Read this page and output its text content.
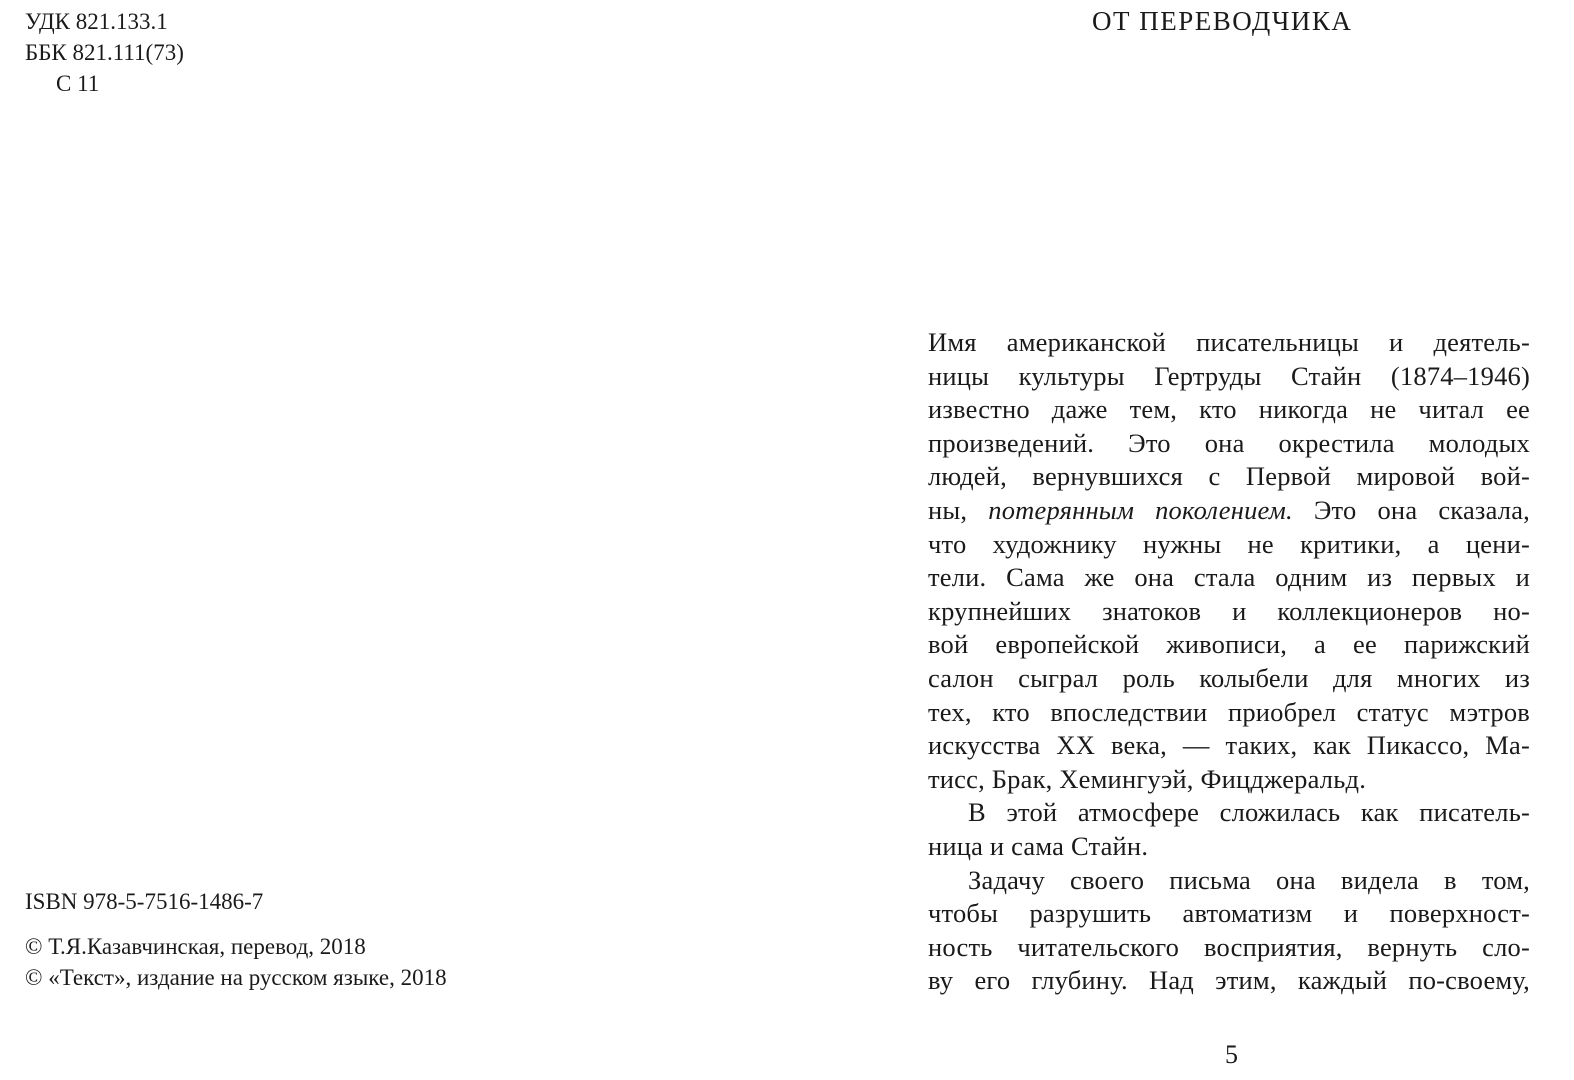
УДК 821.133.1
ББК 821.111(73)
С 11
ISBN 978-5-7516-1486-7
© Т.Я.Казавчинская, перевод, 2018
© «Текст», издание на русском языке, 2018
ОТ ПЕРЕВОДЧИКА
Имя американской писательницы и деятель-
ницы культуры Гертруды Стайн (1874–1946)
известно даже тем, кто никогда не читал ее
произведений. Это она окрестила молодых
людей, вернувшихся с Первой мировой вой-
ны, потерянным поколением. Это она сказала,
что художнику нужны не критики, а цени-
тели. Сама же она стала одним из первых и
крупнейших знатоков и коллекционеров но-
вой европейской живописи, а ее парижский
салон сыграл роль колыбели для многих из
тех, кто впоследствии приобрел статус мэтров
искусства XX века, — таких, как Пикассо, Ма-
тисс, Брак, Хемингуэй, Фицджеральд.
В этой атмосфере сложилась как писатель-
ница и сама Стайн.
Задачу своего письма она видела в том,
чтобы разрушить автоматизм и поверхност-
ность читательского восприятия, вернуть сло-
ву его глубину. Над этим, каждый по-своему,
5
